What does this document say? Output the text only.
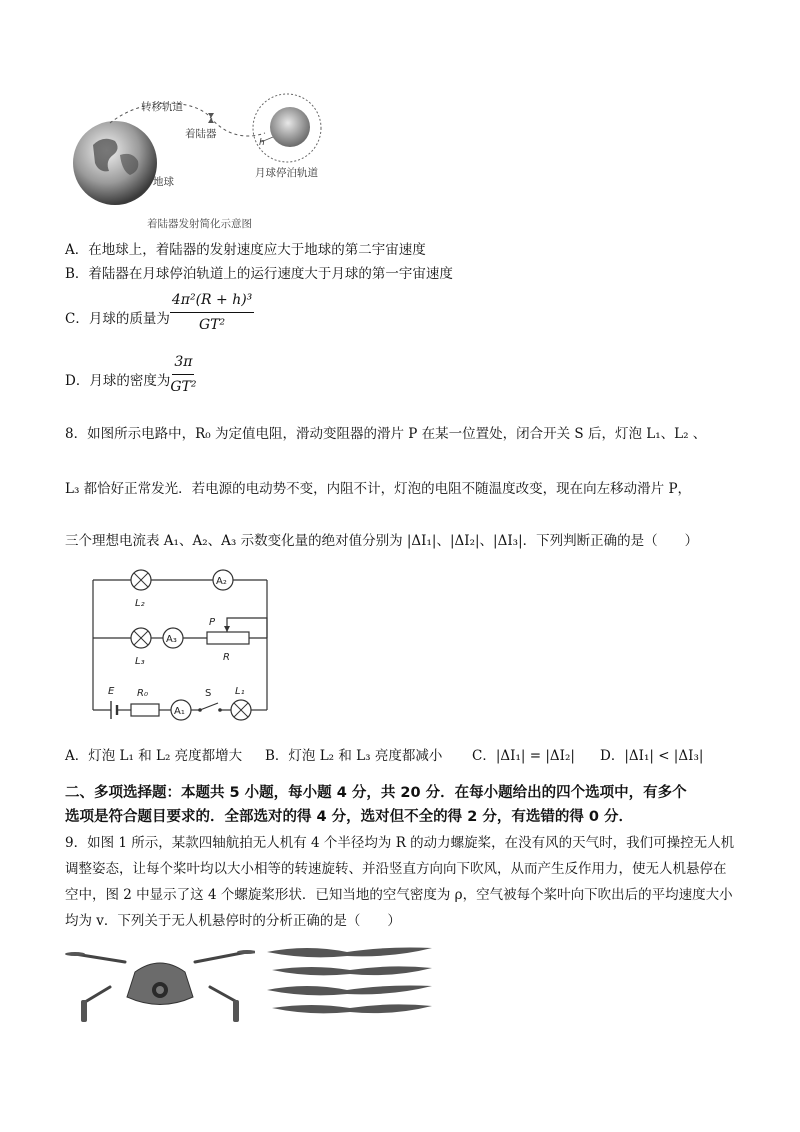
转移轨道
着陆器
地球
月球停泊轨道
h
着陆器发射简化示意图
A．在地球上，着陆器的发射速度应大于地球的第二宇宙速度
B．着陆器在月球停泊轨道上的运行速度大于月球的第一宇宙速度
C．月球的质量为 $\frac{\text{4π²(R + h)³}}{\text{GT²}}$
D．月球的密度为 $\frac{3\pi}{\text{GT²}}$
8．如图所示电路中，R₀ 为定值电阻，滑动变阻器的滑片 P 在某一位置处，闭合开关 S 后，灯泡 L₁、L₂ 、
L₃ 都恰好正常发光．若电源的电动势不变，内阻不计，灯泡的电阻不随温度改变，现在向左移动滑片 P，
三个理想电流表 A₁、A₂、A₃ 示数变化量的绝对值分别为 |ΔI₁|、|ΔI₂|、|ΔI₃|．下列判断正确的是（　　）
A₂
L₂
A₃
P
R
L₃
E R₀
A₁
S L₁
A．灯泡 L₁ 和 L₂ 亮度都增大 B．灯泡 L₂ 和 L₃ 亮度都减小 C．|ΔI₁| = |ΔI₂| D．|ΔI₁| < |ΔI₃|
二、多项选择题：本题共 5 小题，每小题 4 分，共 20 分．在每小题给出的四个选项中，有多个
选项是符合题目要求的．全部选对的得 4 分，选对但不全的得 2 分，有选错的得 0 分．
9．如图 1 所示，某款四轴航拍无人机有 4 个半径均为 R 的动力螺旋桨，在没有风的天气时，我们可操控无人机调整姿态，让每个桨叶均以大小相等的转速旋转、并沿竖直方向向下吹风，从而产生反作用力，使无人机悬停在空中，图 2 中显示了这 4 个螺旋桨形状．已知当地的空气密度为 ρ，空气被每个桨叶向下吹出后的平均速度大小均为 v．下列关于无人机悬停时的分析正确的是（　　）
